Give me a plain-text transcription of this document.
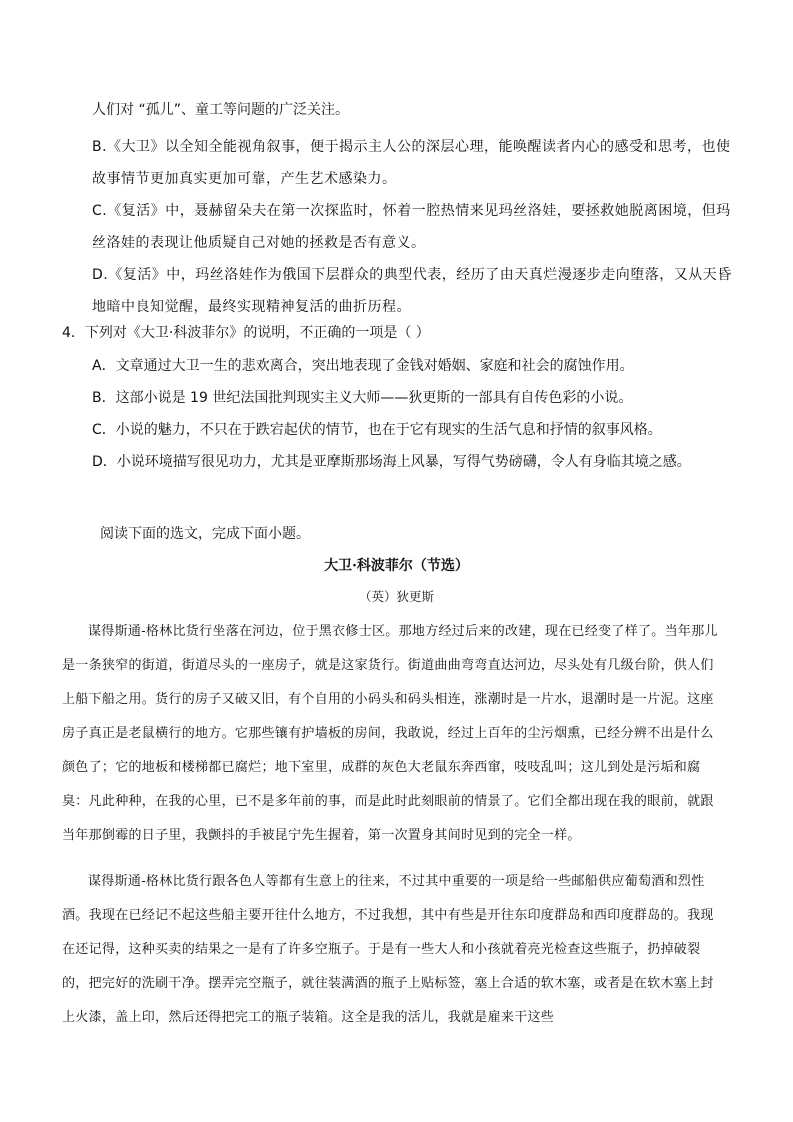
人们对 “孤儿”、童工等问题的广泛关注。
B.《大卫》以全知全能视角叙事，便于揭示主人公的深层心理，能唤醒读者内心的感受和思考，也使故事情节更加真实更加可靠，产生艺术感染力。
C.《复活》中，聂赫留朵夫在第一次探监时，怀着一腔热情来见玛丝洛娃，要拯救她脱离困境，但玛丝洛娃的表现让他质疑自己对她的拯救是否有意义。
D.《复活》中，玛丝洛娃作为俄国下层群众的典型代表，经历了由天真烂漫逐步走向堕落，又从天昏地暗中良知觉醒，最终实现精神复活的曲折历程。
4．下列对《大卫·科波菲尔》的说明，不正确的一项是（ ）
A．文章通过大卫一生的悲欢离合，突出地表现了金钱对婚姻、家庭和社会的腐蚀作用。
B．这部小说是 19 世纪法国批判现实主义大师——狄更斯的一部具有自传色彩的小说。
C．小说的魅力，不只在于跌宕起伏的情节，也在于它有现实的生活气息和抒情的叙事风格。
D．小说环境描写很见功力，尤其是亚摩斯那场海上风暴，写得气势磅礴，令人有身临其境之感。
阅读下面的选文，完成下面小题。
大卫·科波菲尔（节选）
（英）狄更斯
谋得斯通-格林比货行坐落在河边，位于黑衣修士区。那地方经过后来的改建，现在已经变了样了。当年那儿是一条狭窄的街道，街道尽头的一座房子，就是这家货行。街道曲曲弯弯直达河边，尽头处有几级台阶，供人们上船下船之用。货行的房子又破又旧，有个自用的小码头和码头相连，涨潮时是一片水，退潮时是一片泥。这座房子真正是老鼠横行的地方。它那些镶有护墙板的房间，我敢说，经过上百年的尘污烟熏，已经分辨不出是什么颜色了；它的地板和楼梯都已腐烂；地下室里，成群的灰色大老鼠东奔西窜，吱吱乱叫；这儿到处是污垢和腐臭：凡此种种，在我的心里，已不是多年前的事，而是此时此刻眼前的情景了。它们全都出现在我的眼前，就跟当年那倒霉的日子里，我颤抖的手被昆宁先生握着，第一次置身其间时见到的完全一样。
谋得斯通-格林比货行跟各色人等都有生意上的往来，不过其中重要的一项是给一些邮船供应葡萄酒和烈性酒。我现在已经记不起这些船主要开往什么地方，不过我想，其中有些是开往东印度群岛和西印度群岛的。我现在还记得，这种买卖的结果之一是有了许多空瓶子。于是有一些大人和小孩就着亮光检查这些瓶子，扔掉破裂的，把完好的洗刷干净。摆弄完空瓶子，就往装满酒的瓶子上贴标签，塞上合适的软木塞，或者是在软木塞上封上火漆，盖上印，然后还得把完工的瓶子装箱。这全是我的活儿，我就是雇来干这些
